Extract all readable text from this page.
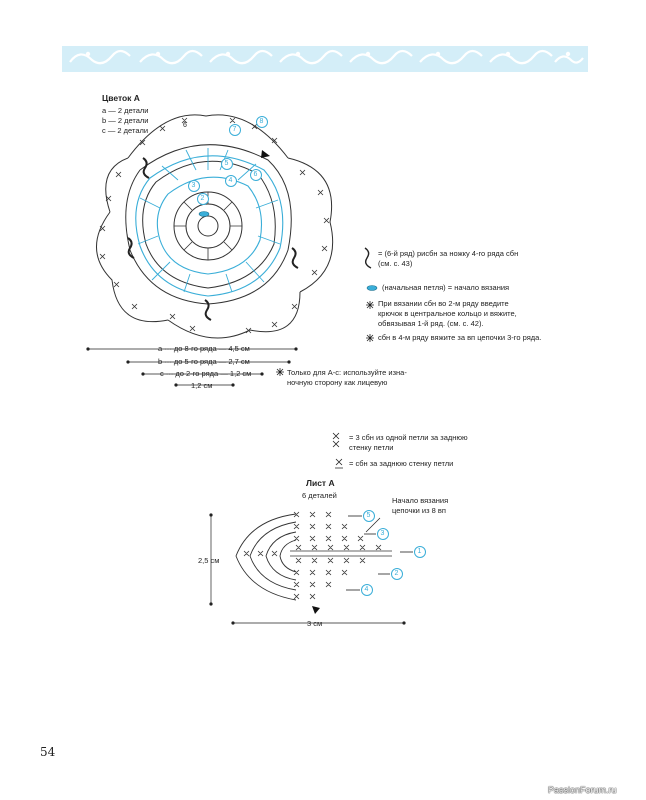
Цветок А
a — 2 детали
b — 2 детали
c — 2 детали
6
2
3
4
5
6
7
8
a ··· до 8-го ряда — 4,5 см
b ··· до 5-го ряда — 2,7 см
c ··· до 2-го ряда — 1,2 см
1,2 см
Только для A-c: используйте изна-
ночную сторону как лицевую
= (6-й ряд) рисбн за ножку 4-го ряда сбн
(см. с. 43)
(начальная петля) = начало вязания
При вязании сбн во 2-м ряду введите
крючок в центральное кольцо и вяжите,
обвязывая 1-й ряд. (см. с. 42).
сбн в 4-м ряду вяжите за вп цепочки 3-го ряда.
= 3 сбн из одной петли за заднюю
стенку петли
= сбн за заднюю стенку петли
Лист А
6 деталей
Начало вязания
цепочки из 8 вп
2,5 см
3 см
5
3
1
2
4
54
PassionForum.ru
